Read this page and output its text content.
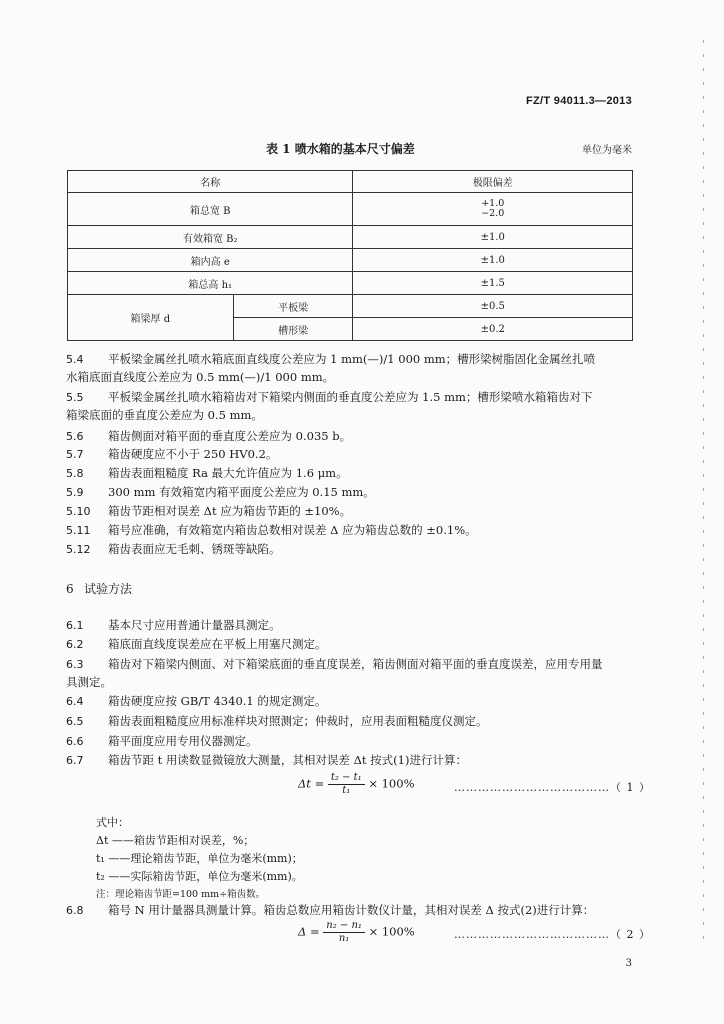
FZ/T 94011.3—2013
表 1 喷水箱的基本尺寸偏差	单位为毫米
名称		极限偏差
箱总宽 B		+1.0
−2.0

有效箱宽 B₂		±1.0
箱内高 e		±1.0
箱总高 h₁		±1.5
箱梁厚 d	平板梁	±0.5
	槽形梁	±0.2
5.4 平板梁金属丝扎喷水箱底面直线度公差应为 1 mm(—)/1 000 mm；槽形梁树脂固化金属丝扎喷
水箱底面直线度公差应为 0.5 mm(—)/1 000 mm。
5.5 平板梁金属丝扎喷水箱箱齿对下箱梁内侧面的垂直度公差应为 1.5 mm；槽形梁喷水箱箱齿对下
箱梁底面的垂直度公差应为 0.5 mm。
5.6 箱齿侧面对箱平面的垂直度公差应为 0.035 b。
5.7 箱齿硬度应不小于 250 HV0.2。
5.8 箱齿表面粗糙度 Ra 最大允许值应为 1.6 μm。
5.9 300 mm 有效箱宽内箱平面度公差应为 0.15 mm。
5.10 箱齿节距相对误差 Δt 应为箱齿节距的 ±10%。
5.11 箱号应准确，有效箱宽内箱齿总数相对误差 Δ 应为箱齿总数的 ±0.1%。
5.12 箱齿表面应无毛刺、锈斑等缺陷。
6 试验方法
6.1 基本尺寸应用普通计量器具测定。
6.2 箱底面直线度误差应在平板上用塞尺测定。
6.3 箱齿对下箱梁内侧面、对下箱梁底面的垂直度误差，箱齿侧面对箱平面的垂直度误差，应用专用量
具测定。
6.4 箱齿硬度应按 GB/T 4340.1 的规定测定。
6.5 箱齿表面粗糙度应用标准样块对照测定；仲裁时，应用表面粗糙度仪测定。
6.6 箱平面度应用专用仪器测定。
6.7 箱齿节距 t 用读数显微镜放大测量，其相对误差 Δt 按式(1)进行计算：
$\Delta t = \frac{\text{t₂ − t₁}}{\text{t₁}} \times 100\%$	…………………………………（ 1 ）
式中：
Δt ——箱齿节距相对误差，%；
t₁ ——理论箱齿节距，单位为毫米(mm)；
t₂ ——实际箱齿节距，单位为毫米(mm)。
注：理论箱齿节距=100 mm÷箱齿数。
6.8 箱号 N 用计量器具测量计算。箱齿总数应用箱齿计数仪计量，其相对误差 Δ 按式(2)进行计算：
$\Delta = \frac{\text{n₂ − n₁}}{\text{n₁}} \times 100\%$	…………………………………（ 2 ）
3
